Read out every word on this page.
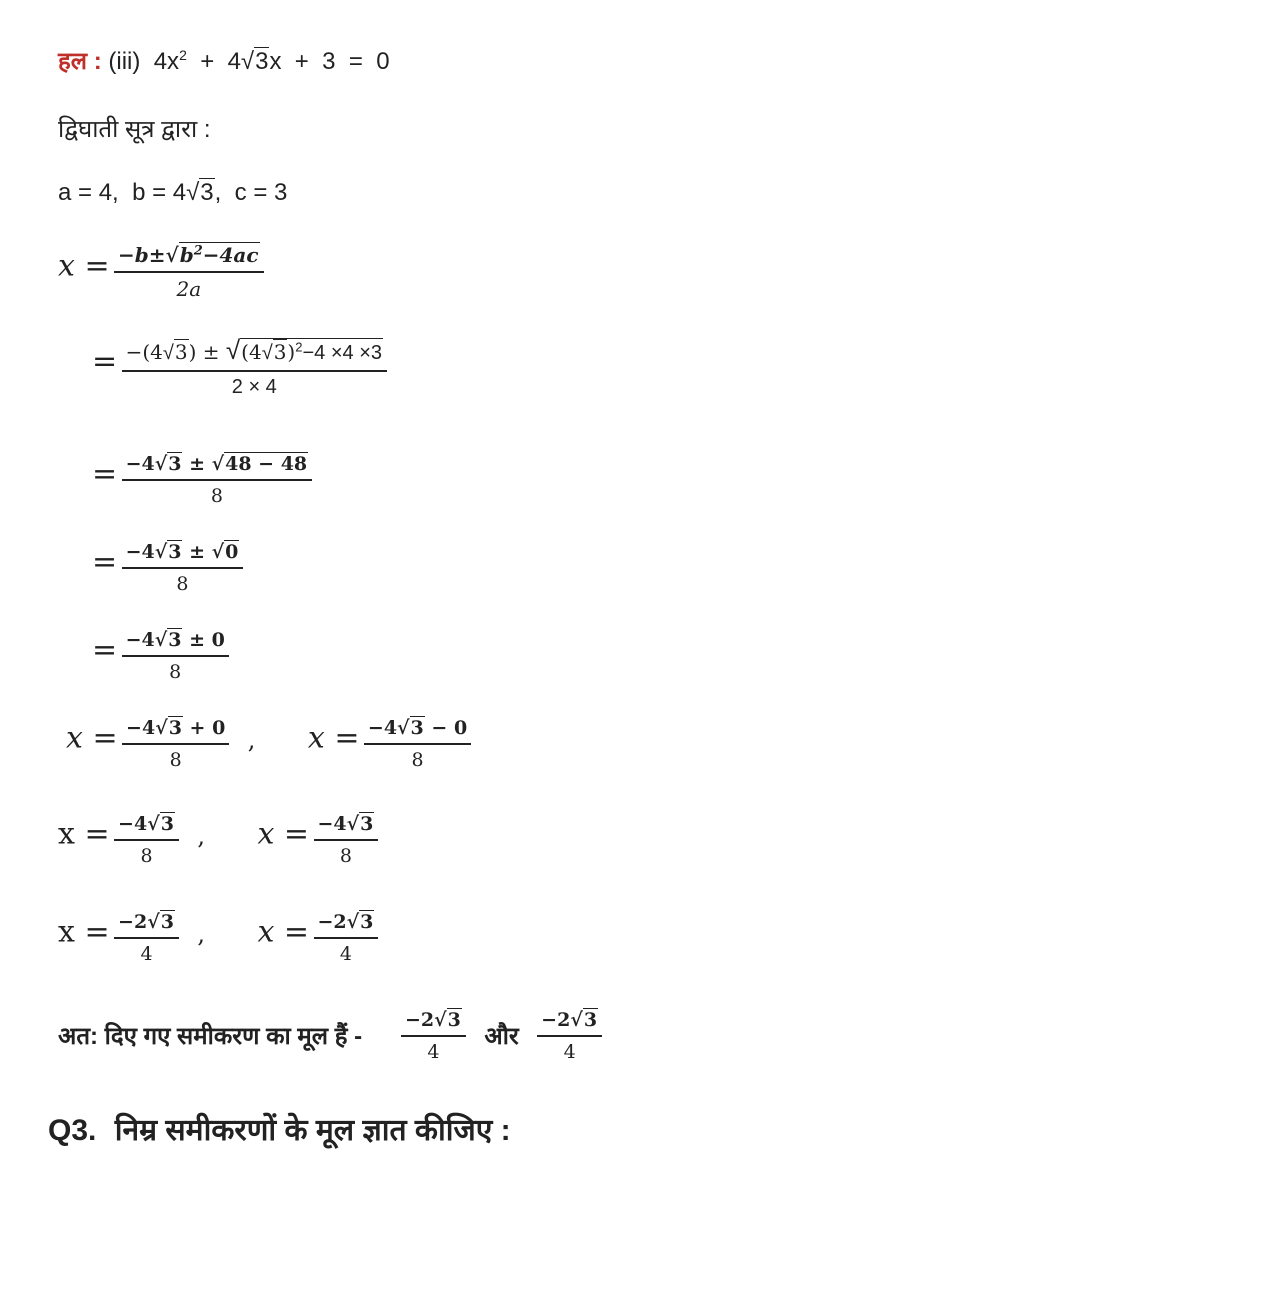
हल : (iii) $4x^2 + 4√3x + 3 = 0$
द्विघाती सूत्र द्वारा :
a = 4, b = 4√3, c = 3
$x = \frac{-b\pm√b^2-4ac}{2a}$
= $\frac{-(4√3) \pm √(4√3)^2-4 \times 4 \times 3}{2 \times 4}$
= $\frac{-4√3 \pm √48 - 48}{8}$
= $\frac{-4√3 \pm √0}{8}$
= $\frac{-4√3 \pm 0}{8}$
$x = \frac{-4√3 + 0}{8}$ , $x = \frac{-4√3 - 0}{8}$
$x = \frac{-4√3}{8}$ , $x = \frac{-4√3}{8}$
$x = \frac{-2√3}{4}$ , $x = \frac{-2√3}{4}$
अत: दिए गए समीकरण का मूल हैं - $\frac{-2√3}{4}$ और $\frac{-2√3}{4}$
Q3. निम्र समीकरणों के मूल ज्ञात कीजिए :
